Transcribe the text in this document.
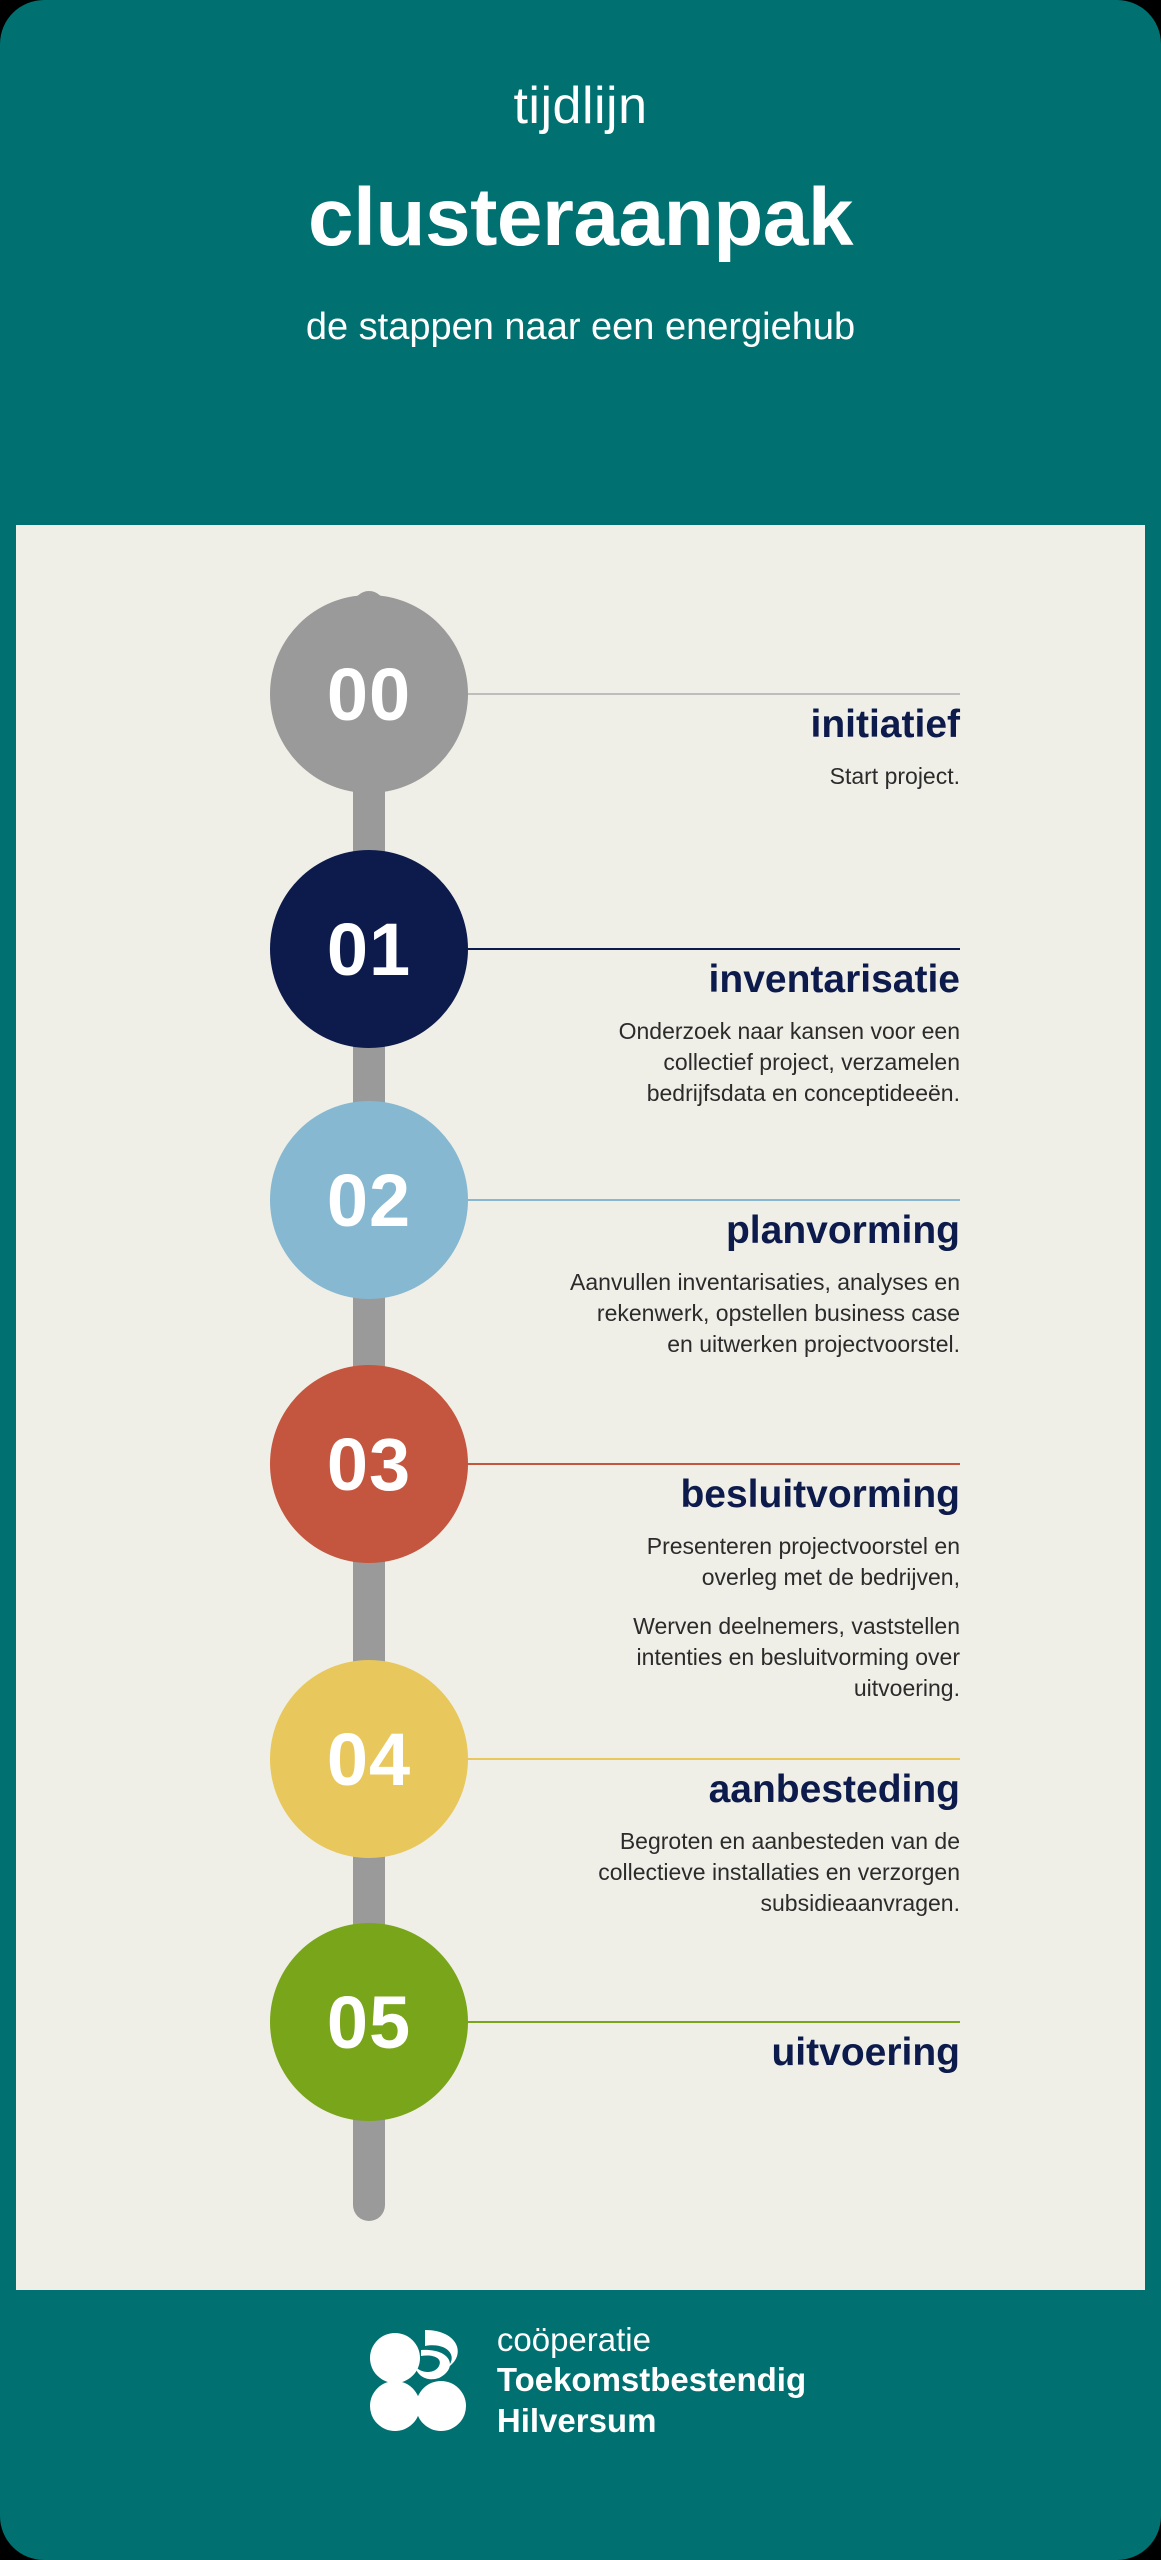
tijdlijn
clusteraanpak
de stappen naar een energiehub
00	initiatief

Start project.

01	inventarisatie

Onderzoek naar kansen voor een collectief project, verzamelen bedrijfsdata en conceptideeën.

02	planvorming

Aanvullen inventarisaties, analyses en rekenwerk, opstellen business case en uitwerken projectvoorstel.

03	besluitvorming

Presenteren projectvoorstel en overleg met de bedrijven,

Werven deelnemers, vaststellen intenties en besluitvorming over uitvoering.

04	aanbesteding

Begroten en aanbesteden van de collectieve installaties en verzorgen subsidieaanvragen.

05	uitvoering
coöperatie
Toekomstbestendig
Hilversum
